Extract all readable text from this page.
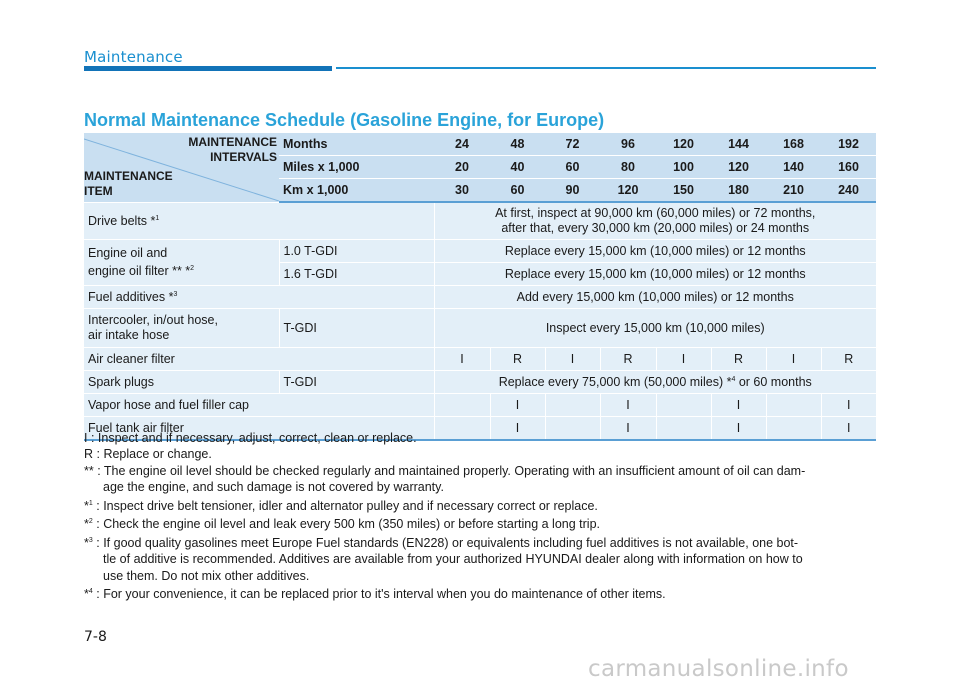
Maintenance
Normal Maintenance Schedule (Gasoline Engine, for Europe)
MAINTENANCE
INTERVALS
MAINTENANCE
ITEM	Months	24	48	72	96	120	144	168	192
	Miles x 1,000	20	40	60	80	100	120	140	160
	Km x 1,000	30	60	90	120	150	180	210	240
Drive belts *$^1$		At first, inspect at 90,000 km (60,000 miles) or 72 months,
after that, every 30,000 km (20,000 miles) or 24 months							
Engine oil and
engine oil filter ** *$^2$	1.0 T-GDI	Replace every 15,000 km (10,000 miles) or 12 months							
	1.6 T-GDI	Replace every 15,000 km (10,000 miles) or 12 months							
Fuel additives *$^3$		Add every 15,000 km (10,000 miles) or 12 months							
Intercooler, in/out hose,
air intake hose	T-GDI	Inspect every 15,000 km (10,000 miles)							
Air cleaner filter		I	R	I	R	I	R	I	R
Spark plugs	T-GDI	Replace every 75,000 km (50,000 miles) *$^4$ or 60 months							
Vapor hose and fuel filler cap			I		I		I		I
Fuel tank air filter			I		I		I		I
I : Inspect and if necessary, adjust, correct, clean or replace.
R : Replace or change.
** : The engine oil level should be checked regularly and maintained properly. Operating with an insufficient amount of oil can dam-
age the engine, and such damage is not covered by warranty.
*$^1$ : Inspect drive belt tensioner, idler and alternator pulley and if necessary correct or replace.
*$^2$ : Check the engine oil level and leak every 500 km (350 miles) or before starting a long trip.
*$^3$ : If good quality gasolines meet Europe Fuel standards (EN228) or equivalents including fuel additives is not available, one bot-
tle of additive is recommended. Additives are available from your authorized HYUNDAI dealer along with information on how to
use them. Do not mix other additives.
*$^4$ : For your convenience, it can be replaced prior to it's interval when you do maintenance of other items.
7-8
carmanualsonline.info
